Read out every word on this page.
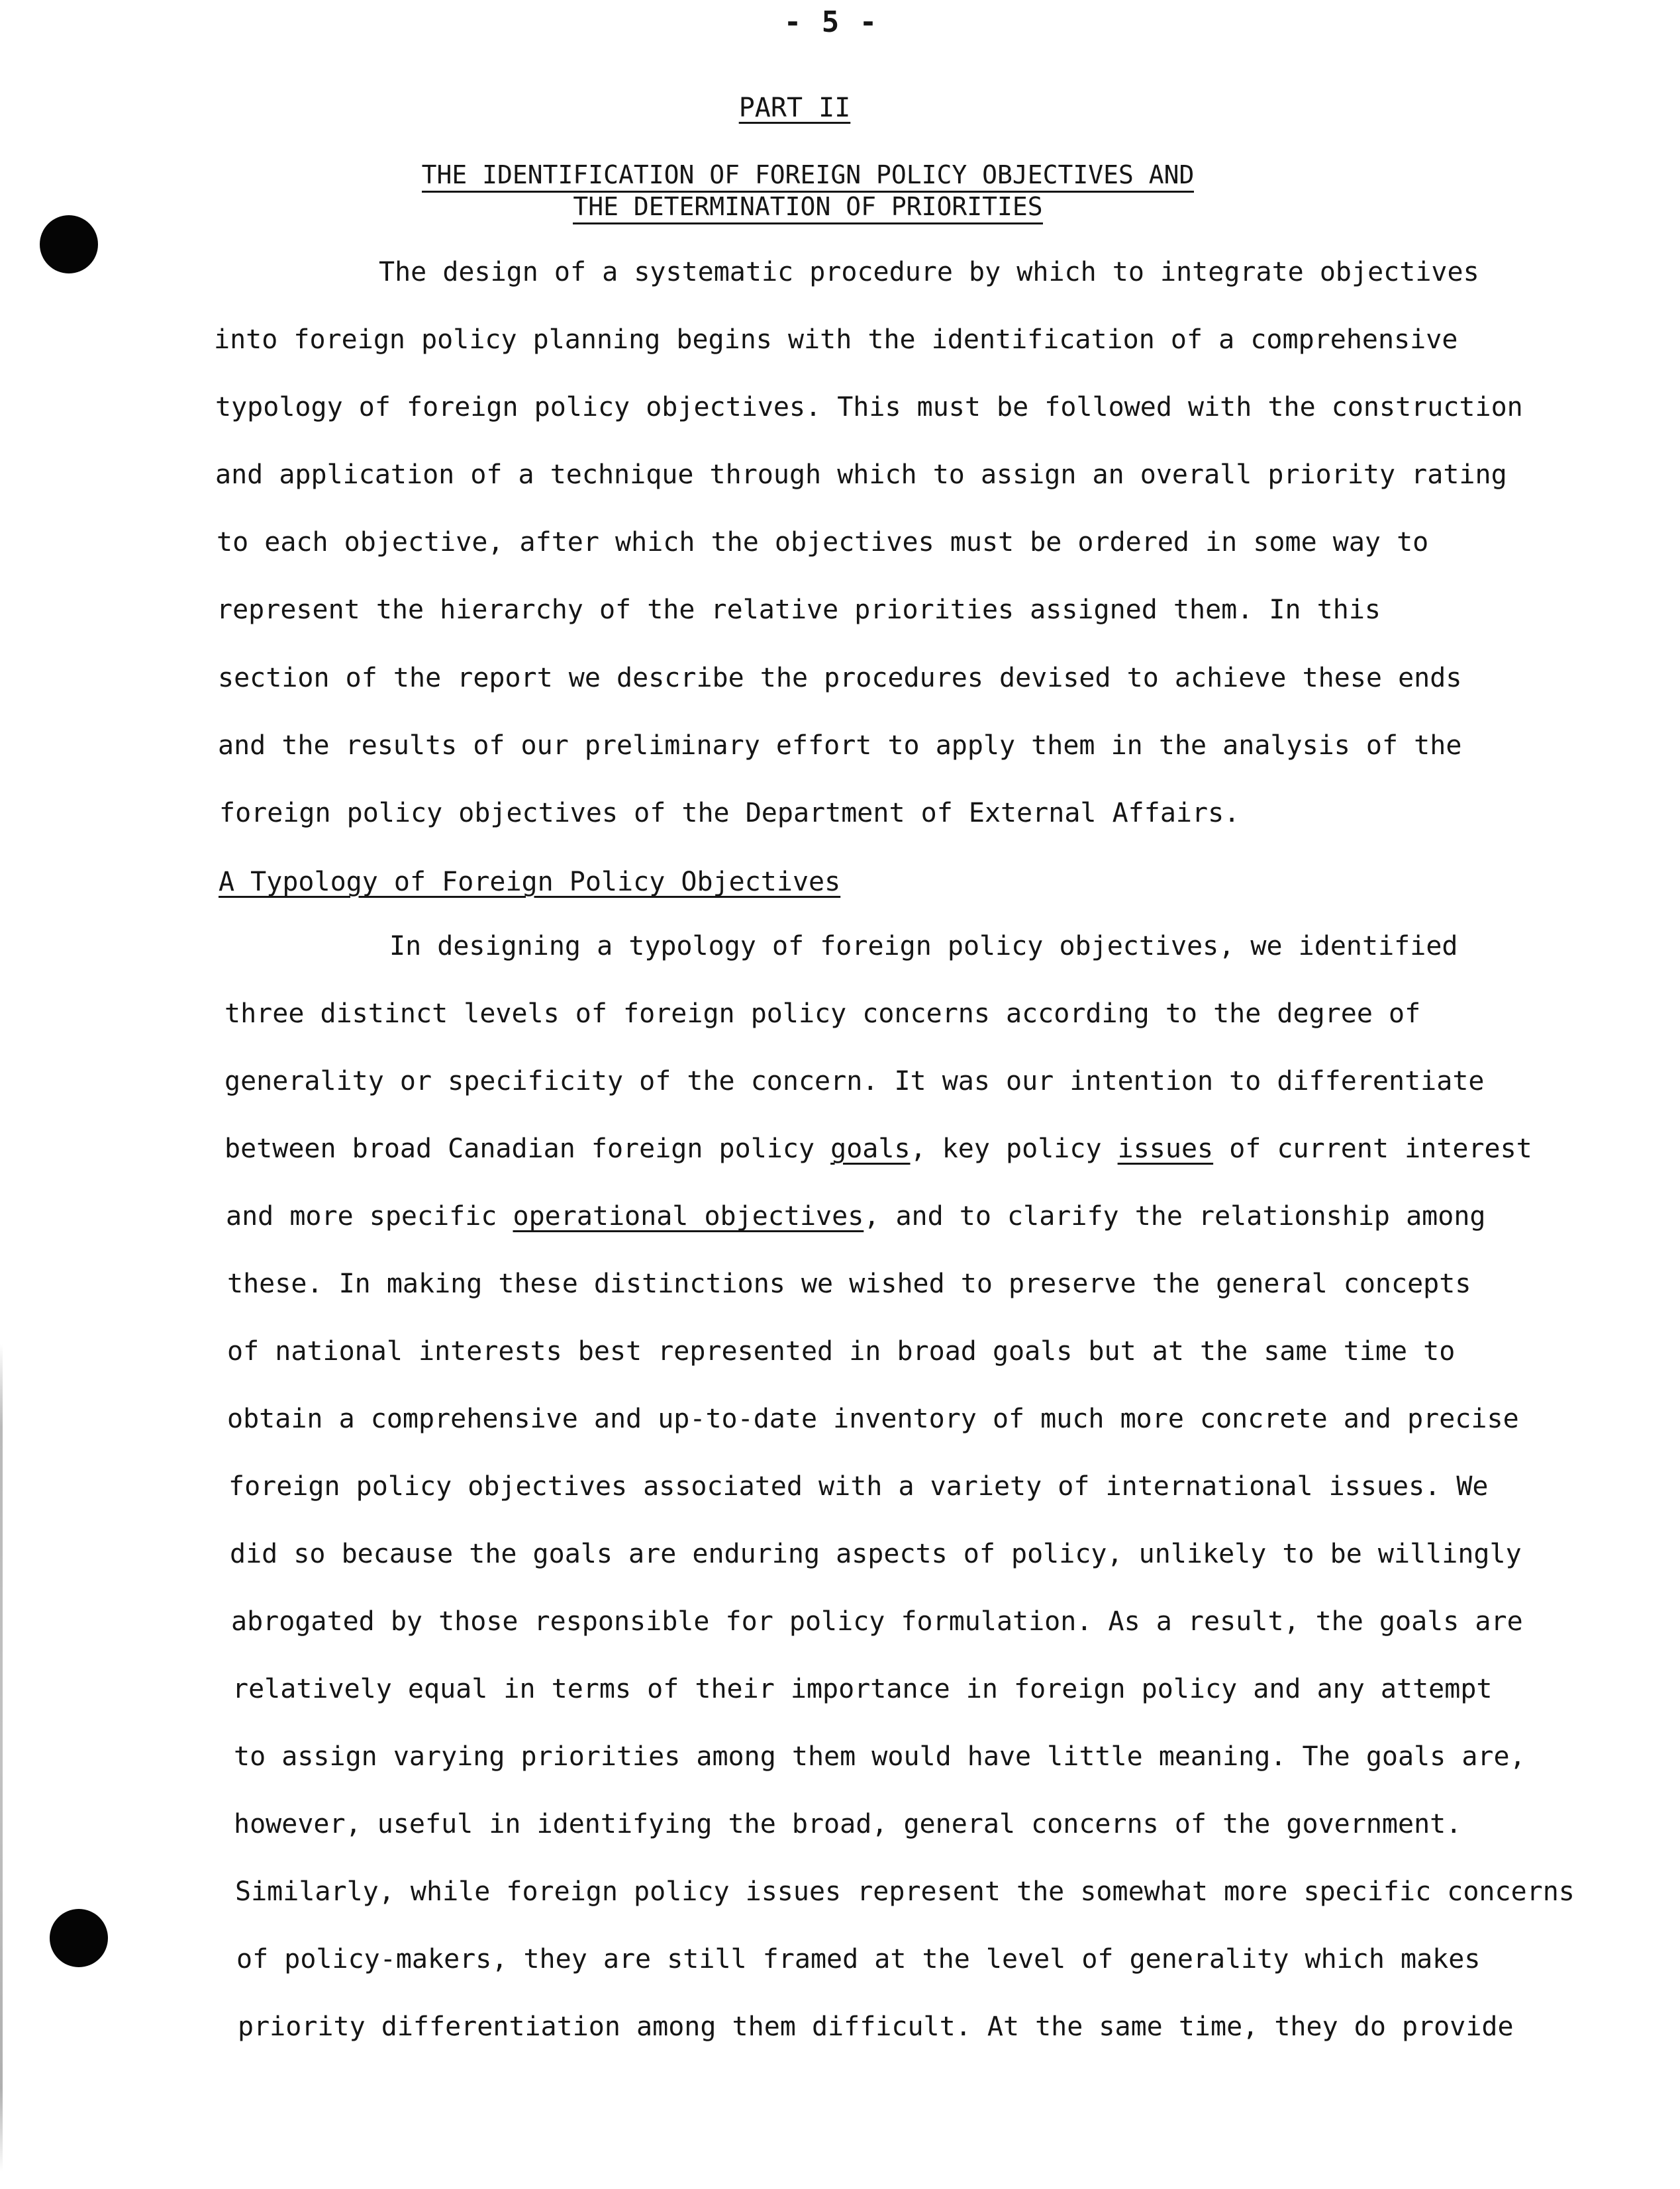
- 5 -
PART II
THE IDENTIFICATION OF FOREIGN POLICY OBJECTIVES AND
THE DETERMINATION OF PRIORITIES
The design of a systematic procedure by which to integrate objectives
into foreign policy planning begins with the identification of a comprehensive
typology of foreign policy objectives. This must be followed with the construction
and application of a technique through which to assign an overall priority rating
to each objective, after which the objectives must be ordered in some way to
represent the hierarchy of the relative priorities assigned them. In this
section of the report we describe the procedures devised to achieve these ends
and the results of our preliminary effort to apply them in the analysis of the
foreign policy objectives of the Department of External Affairs.
A Typology of Foreign Policy Objectives
In designing a typology of foreign policy objectives, we identified
three distinct levels of foreign policy concerns according to the degree of
generality or specificity of the concern. It was our intention to differentiate
between broad Canadian foreign policy goals, key policy issues of current interest
and more specific operational objectives, and to clarify the relationship among
these. In making these distinctions we wished to preserve the general concepts
of national interests best represented in broad goals but at the same time to
obtain a comprehensive and up-to-date inventory of much more concrete and precise
foreign policy objectives associated with a variety of international issues. We
did so because the goals are enduring aspects of policy, unlikely to be willingly
abrogated by those responsible for policy formulation. As a result, the goals are
relatively equal in terms of their importance in foreign policy and any attempt
to assign varying priorities among them would have little meaning. The goals are,
however, useful in identifying the broad, general concerns of the government.
Similarly, while foreign policy issues represent the somewhat more specific concerns
of policy-makers, they are still framed at the level of generality which makes
priority differentiation among them difficult. At the same time, they do provide
